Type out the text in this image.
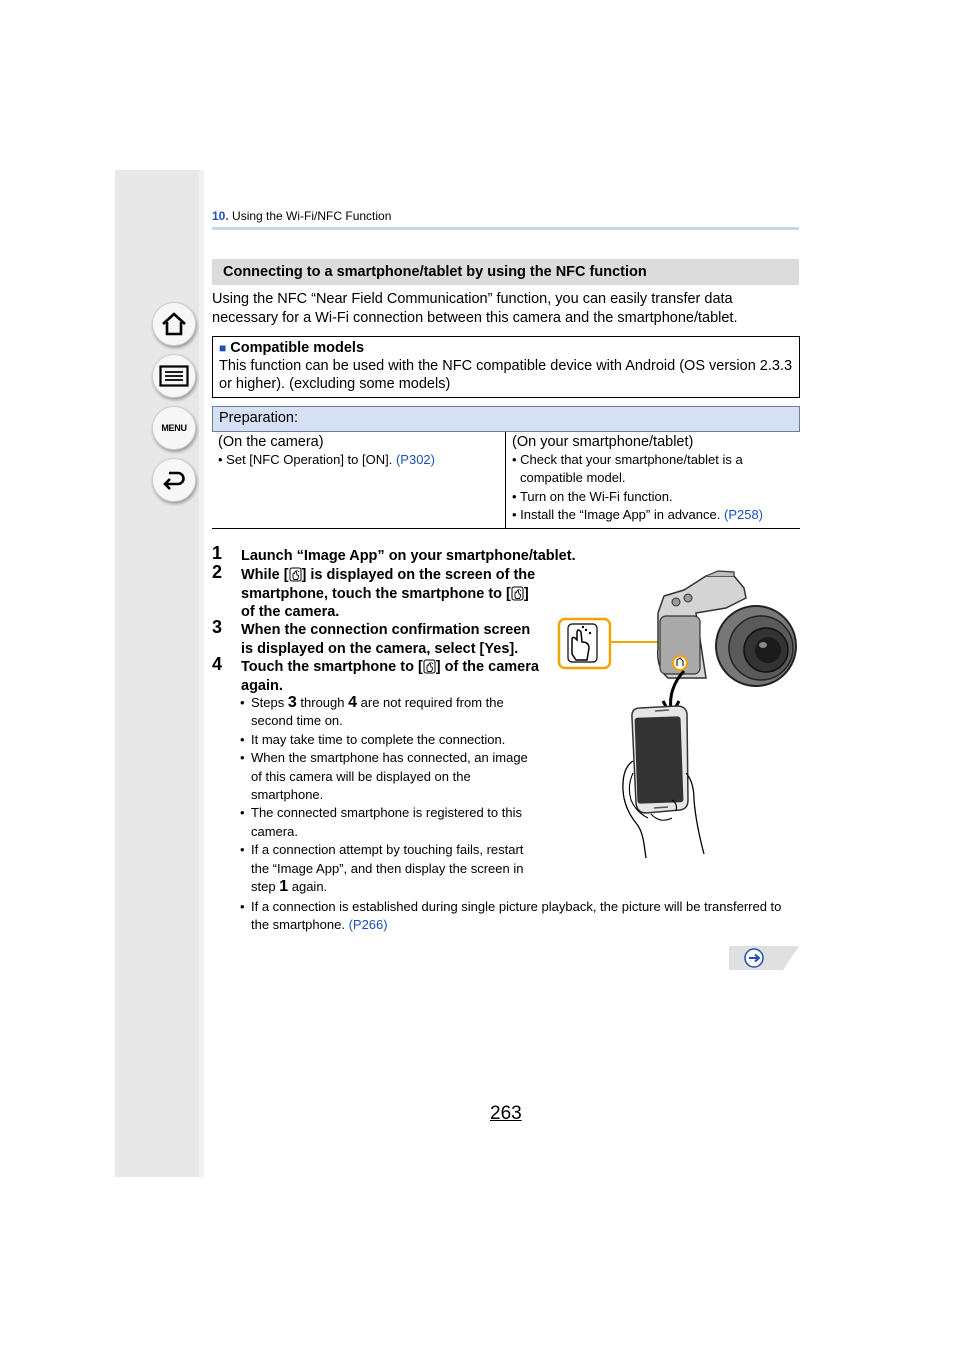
MENU
10. Using the Wi-Fi/NFC Function
Connecting to a smartphone/tablet by using the NFC function
Using the NFC “Near Field Communication” function, you can easily transfer data necessary for a Wi-Fi connection between this camera and the smartphone/tablet.
■ Compatible models
This function can be used with the NFC compatible device with Android (OS version 2.3.3 or higher). (excluding some models)
Preparation:
(On the camera)
• Set [NFC Operation] to [ON]. (P302)
(On your smartphone/tablet)
• Check that your smartphone/tablet is a compatible model.
• Turn on the Wi-Fi function.
• Install the “Image App” in advance. (P258)
1	Launch “Image App” on your smartphone/tablet.
2	While [ ] is displayed on the screen of the smartphone, touch the smartphone to [ ] of the camera.
3	When the connection confirmation screen is displayed on the camera, select [Yes].
4	Touch the smartphone to [ ] of the camera again.
• Steps 3 through 4 are not required from the second time on.
• It may take time to complete the connection.
• When the smartphone has connected, an image of this camera will be displayed on the smartphone.
• The connected smartphone is registered to this camera.
• If a connection attempt by touching fails, restart the “Image App”, and then display the screen in step 1 again.
• If a connection is established during single picture playback, the picture will be transferred to the smartphone. (P266)
263
